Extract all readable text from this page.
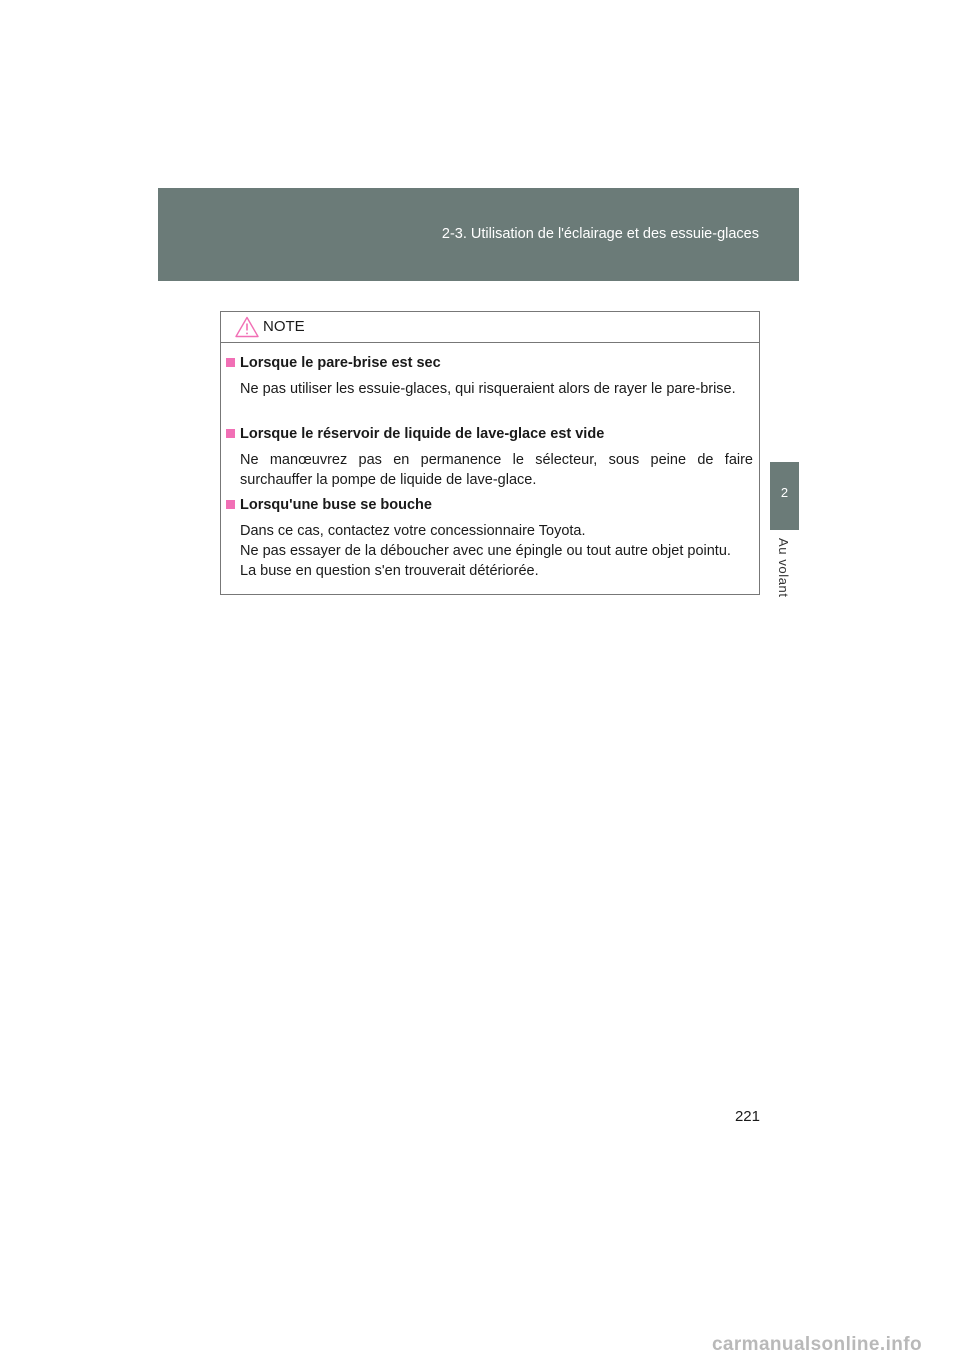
2-3. Utilisation de l'éclairage et des essuie-glaces
2
Au volant
NOTE
Lorsque le pare-brise est sec
Ne pas utiliser les essuie-glaces, qui risqueraient alors de rayer le pare-brise.
Lorsque le réservoir de liquide de lave-glace est vide
Ne manœuvrez pas en permanence le sélecteur, sous peine de faire surchauffer la pompe de liquide de lave-glace.
Lorsqu'une buse se bouche
Dans ce cas, contactez votre concessionnaire Toyota.
Ne pas essayer de la déboucher avec une épingle ou tout autre objet pointu.
La buse en question s'en trouverait détériorée.
221
carmanualsonline.info
